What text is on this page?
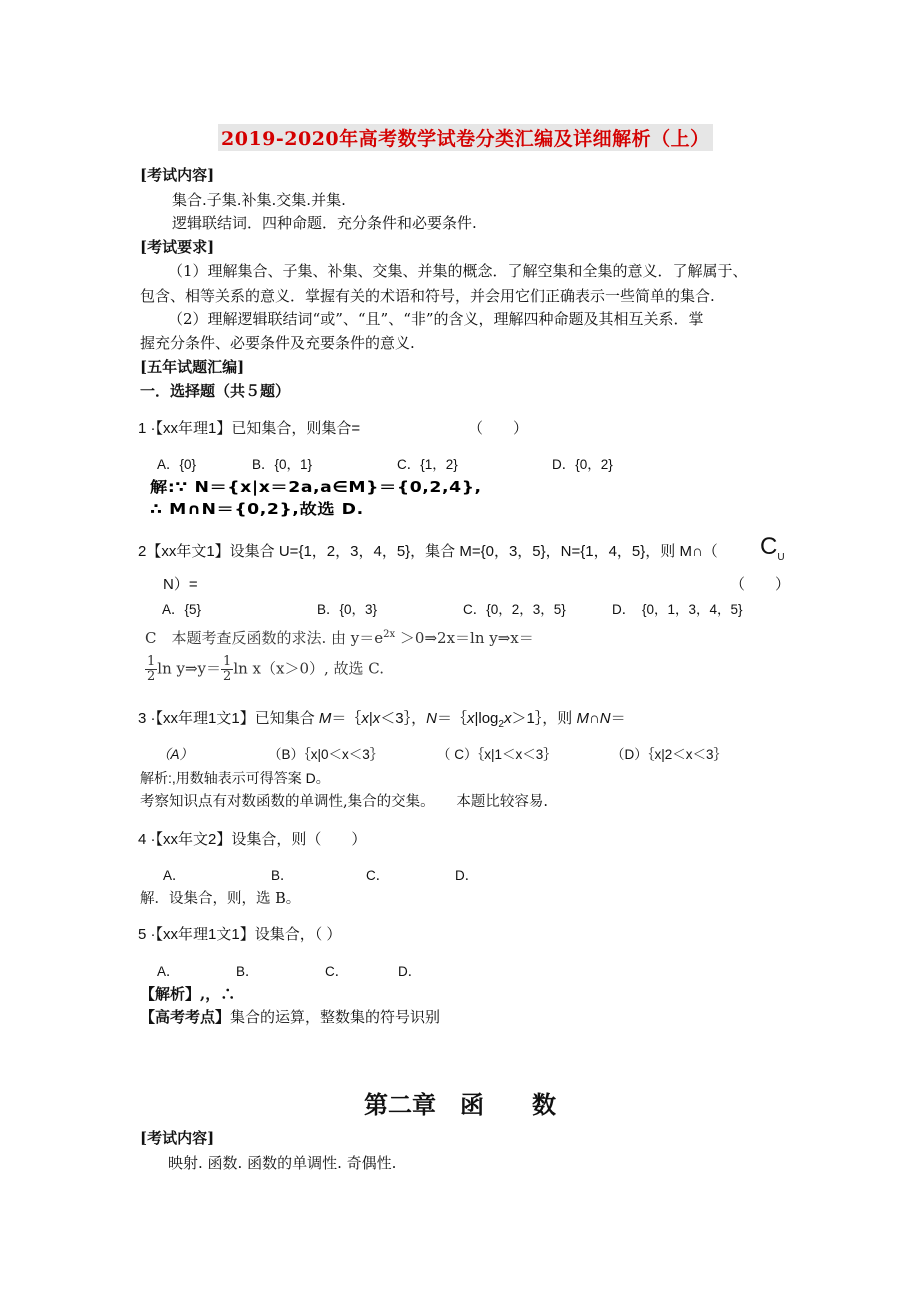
2019-2020年高考数学试卷分类汇编及详细解析（上）
[考试内容]
集合.子集.补集.交集.并集.
逻辑联结词．四种命题．充分条件和必要条件.
[考试要求]
（1）理解集合、子集、补集、交集、并集的概念．了解空集和全集的意义．了解属于、
包含、相等关系的意义．掌握有关的术语和符号，并会用它们正确表示一些简单的集合.
（2）理解逻辑联结词“或”、“且”、“非”的含义，理解四种命题及其相互关系．掌
握充分条件、必要条件及充要条件的意义.
[五年试题汇编]
一．选择题（共５题）
1 ·【xx年理1】已知集合，则集合=	（　　）
A．{0}	B．{0，1}	C．{1，2}	D．{0，2}
解:∵ N＝{x|x＝2a,a∈M}＝{0,2,4},
∴ M∩N＝{0,2},故选 D.
2【xx年文1】设集合 U={1，2，3，4，5}，集合 M={0，3，5}，N={1，4，5}，则 M∩（ $C_U$
N）=	（　　）
A．{5}	B．{0，3}	C．{0，2，3，5}	D．　{0，1，3，4，5}
C　本题考查反函数的求法. 由 $y=e^{2x}$ ＞0⇒2x＝ln y⇒x＝
$\frac{1}{2}$ ln y⇒y＝ $\frac{1}{2}$ ln x（x＞0）, 故选 C.
3 ·【xx年理1文1】已知集合 M＝｛x|x＜3｝，$N=\{x|\log_2x>1\}$，则 M∩N＝
（A）	（B）｛x|0＜x＜3｝	（ C）｛x|1＜x＜3｝	（D）｛x|2＜x＜3｝
解析:,用数轴表示可得答案 D。
考察知识点有对数函数的单调性,集合的交集。　　本题比较容易.
4 ·【xx年文2】设集合，则（　　）
A．	B．	C．	D．
解．设集合，则，选 B。
5 ·【xx年理1文1】设集合，（ ）
A．	B．	C．	D．
【解析】,，∴
【高考考点】集合的运算，整数集的符号识别
第二章　函　　数
[考试内容]
映射. 函数. 函数的单调性. 奇偶性.
